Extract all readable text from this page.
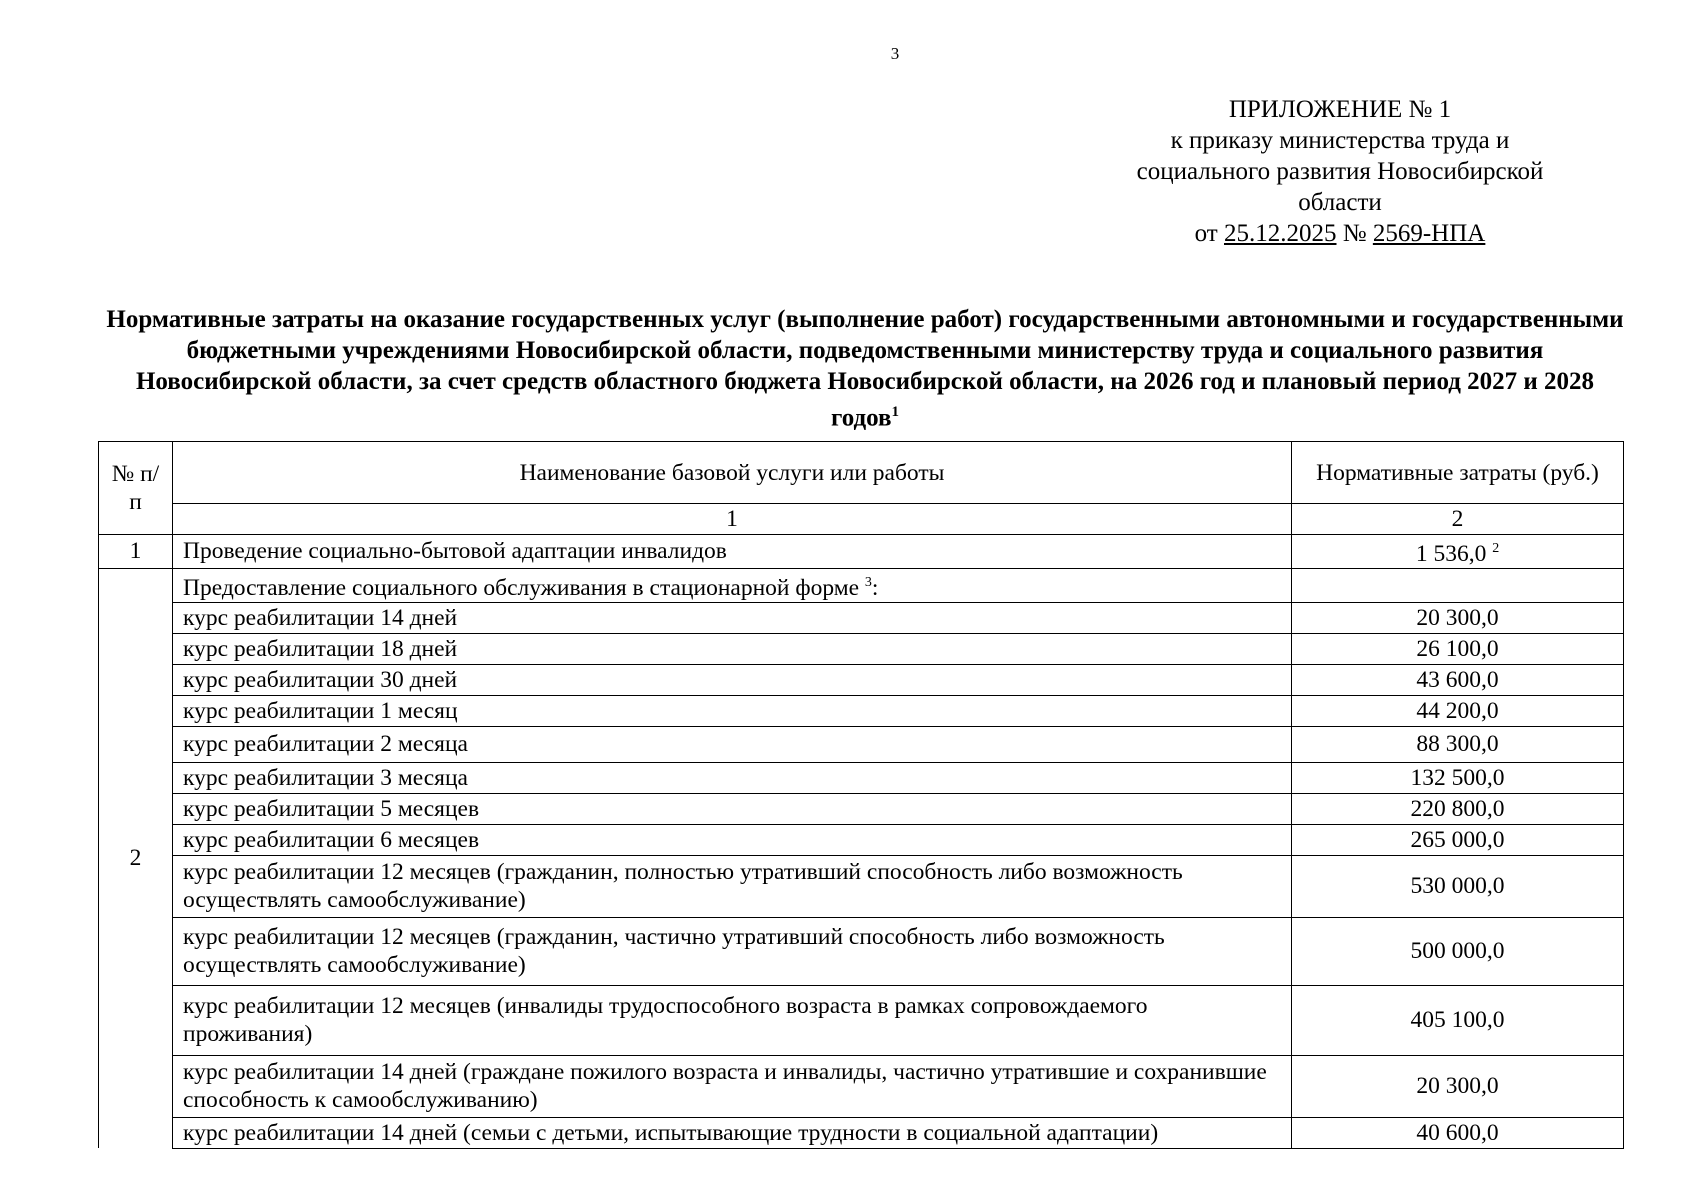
3
ПРИЛОЖЕНИЕ № 1
к приказу министерства труда и
социального развития Новосибирской
области
от 25.12.2025 № 2569-НПА
Нормативные затраты на оказание государственных услуг (выполнение работ) государственными автономными и государственными бюджетными учреждениями Новосибирской области, подведомственными министерству труда и социального развития Новосибирской области, за счет средств областного бюджета Новосибирской области, на 2026 год и плановый период 2027 и 2028 годов$^1$
№ п/п	Наименование базовой услуги или работы	Нормативные затраты (руб.)
	1	2
1	Проведение социально-бытовой адаптации инвалидов	1 536,0 $^2$
2	Предоставление социального обслуживания в стационарной форме $^3$:	
	курс реабилитации 14 дней	20 300,0
	курс реабилитации 18 дней	26 100,0
	курс реабилитации 30 дней	43 600,0
	курс реабилитации 1 месяц	44 200,0
	курс реабилитации 2 месяца	88 300,0
	курс реабилитации 3 месяца	132 500,0
	курс реабилитации 5 месяцев	220 800,0
	курс реабилитации 6 месяцев	265 000,0
	курс реабилитации 12 месяцев (гражданин, полностью утративший способность либо возможность осуществлять самообслуживание)	530 000,0
	курс реабилитации 12 месяцев (гражданин, частично утративший способность либо возможность осуществлять самообслуживание)	500 000,0
	курс реабилитации 12 месяцев (инвалиды трудоспособного возраста в рамках сопровождаемого проживания)	405 100,0
	курс реабилитации 14 дней (граждане пожилого возраста и инвалиды, частично утратившие и сохранившие способность к самообслуживанию)	20 300,0
	курс реабилитации 14 дней (семьи с детьми, испытывающие трудности в социальной адаптации)	40 600,0
